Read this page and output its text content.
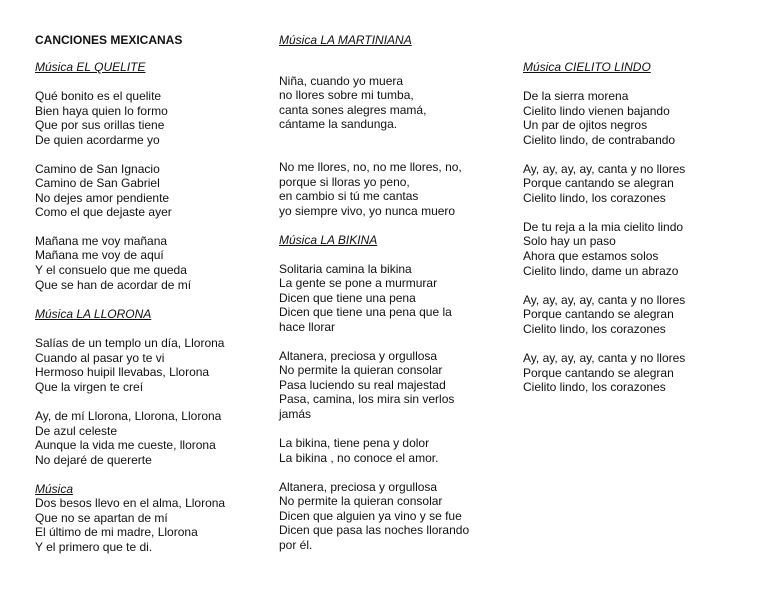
CANCIONES MEXICANAS
Música EL QUELITE
Qué bonito es el quelite
Bien haya quien lo formo
Que por sus orillas tiene
De quien acordarme yo
Camino de San Ignacio
Camino de San Gabriel
No dejes amor pendiente
Como el que dejaste ayer
Mañana me voy mañana
Mañana me voy de aquí
Y el consuelo que me queda
Que se han de acordar de mí
Música LA LLORONA
Salías de un templo un día, Llorona
Cuando al pasar yo te vi
Hermoso huipil llevabas, Llorona
Que la virgen te creí
Ay, de mí Llorona, Llorona, Llorona
De azul celeste
Aunque la vida me cueste, llorona
No dejaré de quererte
Música
Dos besos llevo en el alma, Llorona
Que no se apartan de mí
El último de mi madre, Llorona
Y el primero que te di.
Música LA MARTINIANA
Niña, cuando yo muera
no llores sobre mi tumba,
canta sones alegres mamá,
cántame la sandunga.
No me llores, no, no me llores, no,
porque si lloras yo peno,
en cambio si tú me cantas
yo siempre vivo, yo nunca muero
Música LA BIKINA
Solitaria camina la bikina
La gente se pone a murmurar
Dicen que tiene una pena
Dicen que tiene una pena que la
hace llorar
Altanera, preciosa y orgullosa
No permite la quieran consolar
Pasa luciendo su real majestad
Pasa, camina, los mira sin verlos
jamás
La bikina, tiene pena y dolor
La bikina , no conoce el amor.
Altanera, preciosa y orgullosa
No permite la quieran consolar
Dicen que alguien ya vino y se fue
Dicen que pasa las noches llorando
por él.
Música CIELITO LINDO
De la sierra morena
Cielito lindo vienen bajando
Un par de ojitos negros
Cielito lindo, de contrabando
Ay, ay, ay, ay, canta y no llores
Porque cantando se alegran
Cielito lindo, los corazones
De tu reja a la mia cielito lindo
Solo hay un paso
Ahora que estamos solos
Cielito lindo, dame un abrazo
Ay, ay, ay, ay, canta y no llores
Porque cantando se alegran
Cielito lindo, los corazones
Ay, ay, ay, ay, canta y no llores
Porque cantando se alegran
Cielito lindo, los corazones
